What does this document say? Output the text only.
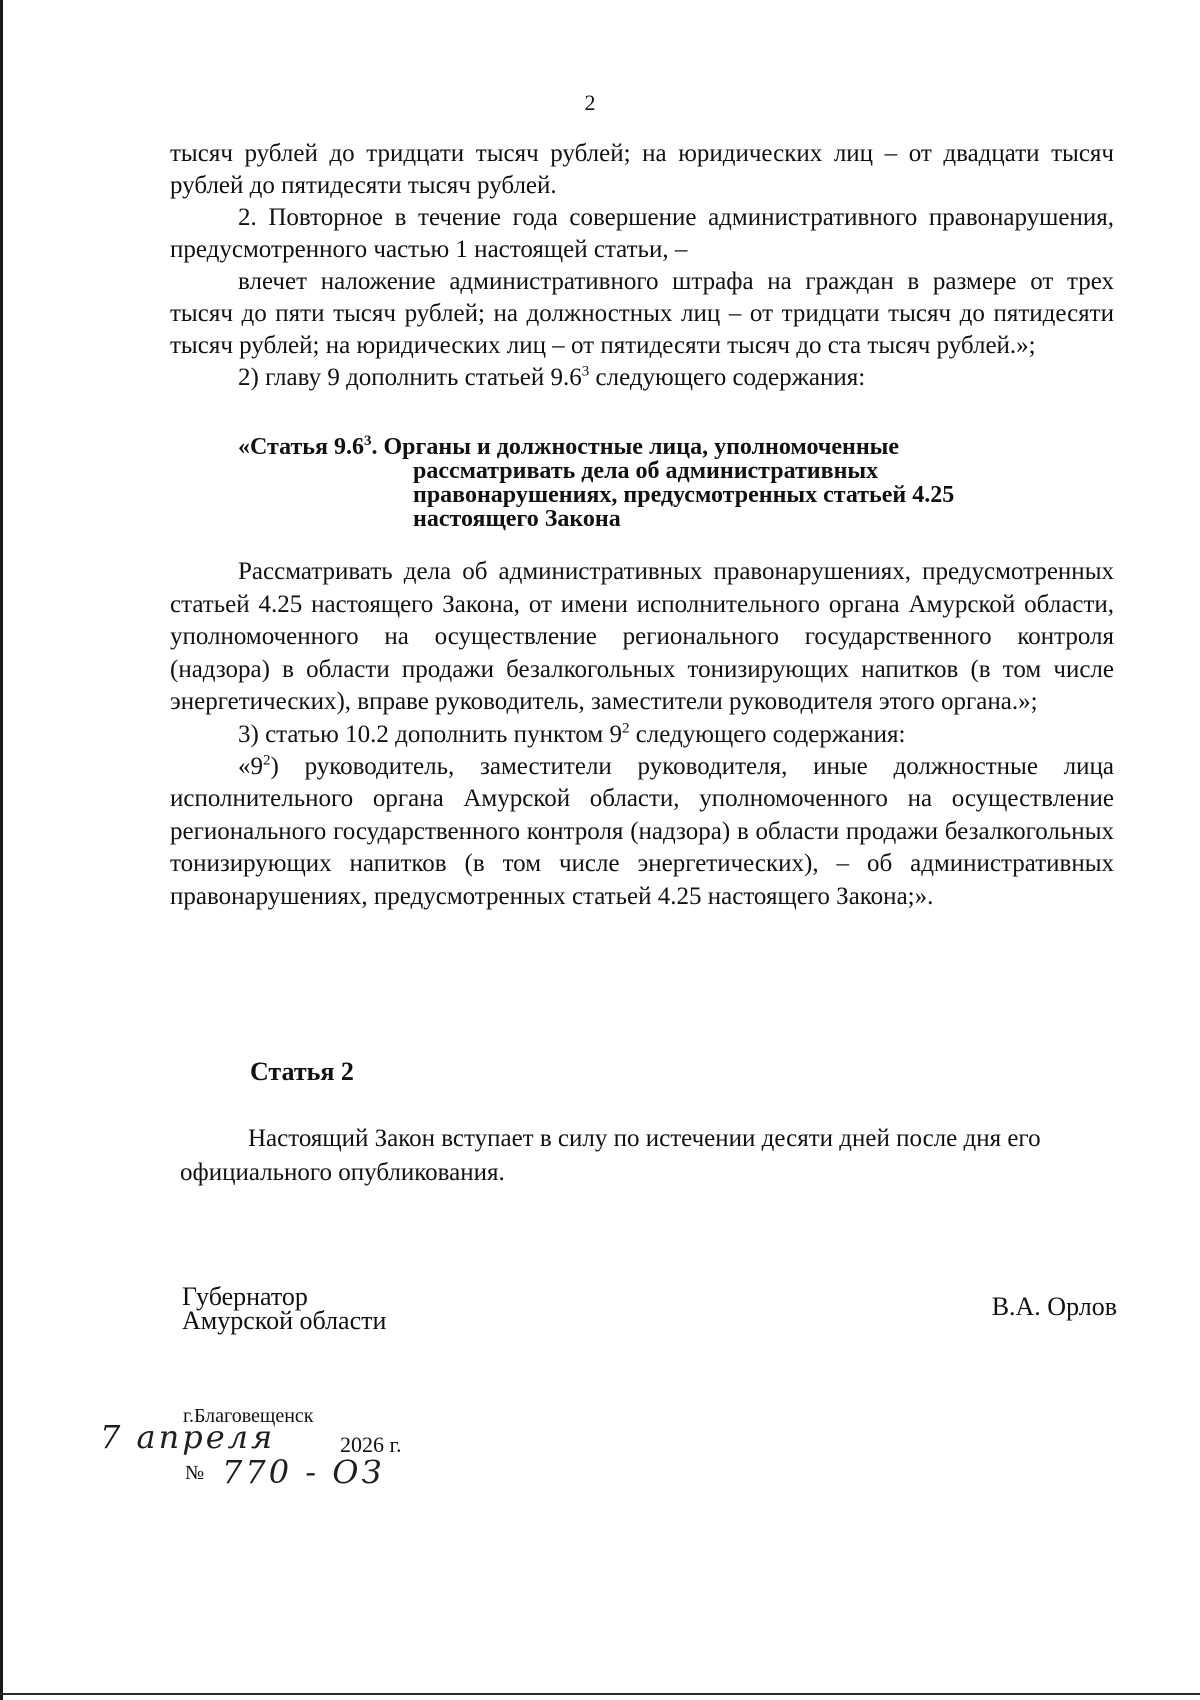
2

тысяч рублей до тридцати тысяч рублей; на юридических лиц – от двадцати тысяч рублей до пятидесяти тысяч рублей.

2. Повторное в течение года совершение административного правонарушения, предусмотренного частью 1 настоящей статьи, –

влечет наложение административного штрафа на граждан в размере от трех тысяч до пяти тысяч рублей; на должностных лиц – от тридцати тысяч до пятидесяти тысяч рублей; на юридических лиц – от пятидесяти тысяч до ста тысяч рублей.»;

2) главу 9 дополнить статьей $9.6^3$ следующего содержания:

«Статья $9.6^3$. Органы и должностные лица, уполномоченные
рассматривать дела об административных
правонарушениях, предусмотренных статьей 4.25
настоящего Закона

Рассматривать дела об административных правонарушениях, предусмотренных статьей 4.25 настоящего Закона, от имени исполнительного органа Амурской области, уполномоченного на осуществление регионального государственного контроля (надзора) в области продажи безалкогольных тонизирующих напитков (в том числе энергетических), вправе руководитель, заместители руководителя этого органа.»;

3) статью 10.2 дополнить пунктом $9^2$ следующего содержания:

«$9^2$) руководитель, заместители руководителя, иные должностные лица исполнительного органа Амурской области, уполномоченного на осуществление регионального государственного контроля (надзора) в области продажи безалкогольных тонизирующих напитков (в том числе энергетических), – об административных правонарушениях, предусмотренных статьей 4.25 настоящего Закона;».

Статья 2

Настоящий Закон вступает в силу по истечении десяти дней после дня его официального опубликования.

Губернатор
Амурской области	В.А. Орлов
г.Благовещенск
7 апреля	2026 г.
№ 770 - ОЗ
